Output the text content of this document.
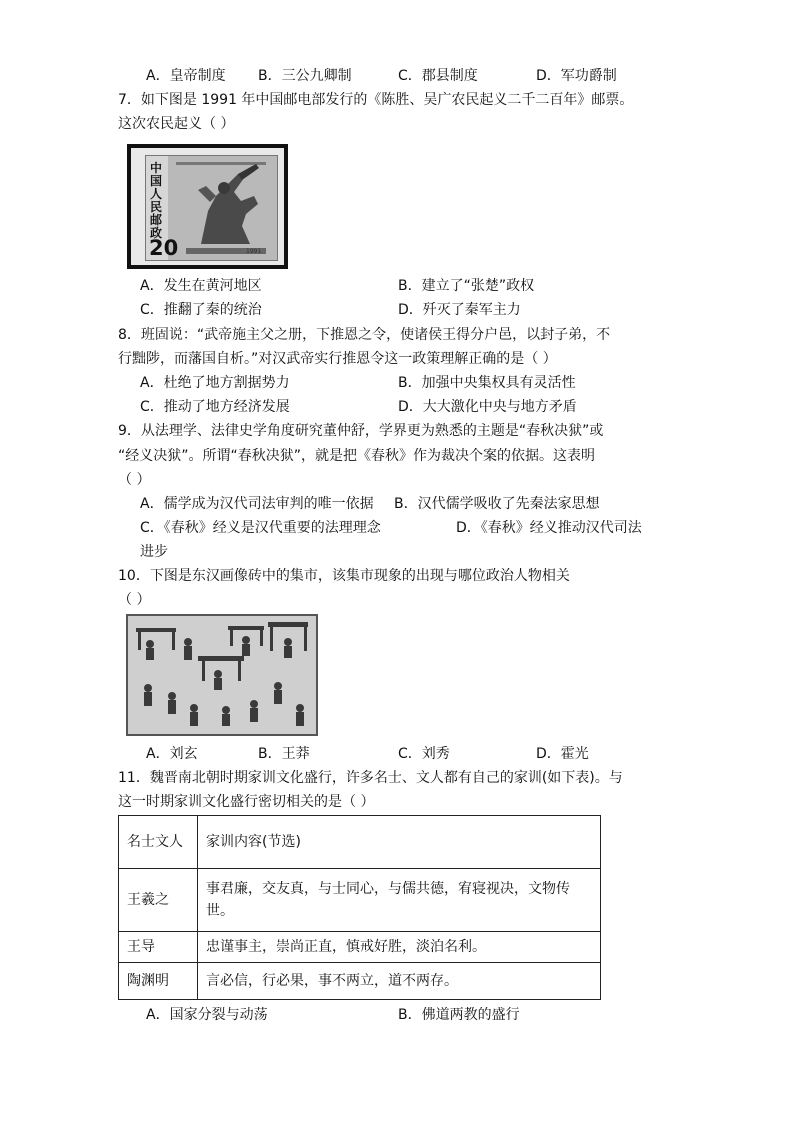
A．皇帝制度 B．三公九卿制	C．郡县制度	D．军功爵制
7．如下图是 1991 年中国邮电部发行的《陈胜、吴广农民起义二千二百年》邮票。
这次农民起义（ ）
中国人民邮政
20	1991
A．发生在黄河地区	B．建立了“张楚”政权
C．推翻了秦的统治	D．歼灭了秦军主力
8．班固说：“武帝施主父之册，下推恩之令，使诸侯王得分户邑，以封子弟，不
行黜陟，而藩国自析。”对汉武帝实行推恩令这一政策理解正确的是（ ）
A．杜绝了地方割据势力	B．加强中央集权具有灵活性
C．推动了地方经济发展	D．大大激化中央与地方矛盾
9．从法理学、法律史学角度研究董仲舒，学界更为熟悉的主题是“春秋决狱”或
“经义决狱”。所谓“春秋决狱”，就是把《春秋》作为裁决个案的依据。这表明
（ ）
A．儒学成为汉代司法审判的唯一依据 B．汉代儒学吸收了先秦法家思想
C．《春秋》经义是汉代重要的法理理念	D．《春秋》经义推动汉代司法
进步
10．下图是东汉画像砖中的集市，该集市现象的出现与哪位政治人物相关
（ ）
A．刘玄	B．王莽	C．刘秀	D．霍光
11．魏晋南北朝时期家训文化盛行，许多名士、文人都有自己的家训(如下表)。与
这一时期家训文化盛行密切相关的是（ ）
名士文人	家训内容(节选)
王羲之	事君廉，交友真，与士同心，与儒共德，宥寝视决，文物传世。
王导	忠谨事主，崇尚正直，慎戒好胜，淡泊名利。
陶渊明	言必信，行必果，事不两立，道不两存。
A．国家分裂与动荡	B．佛道两教的盛行
